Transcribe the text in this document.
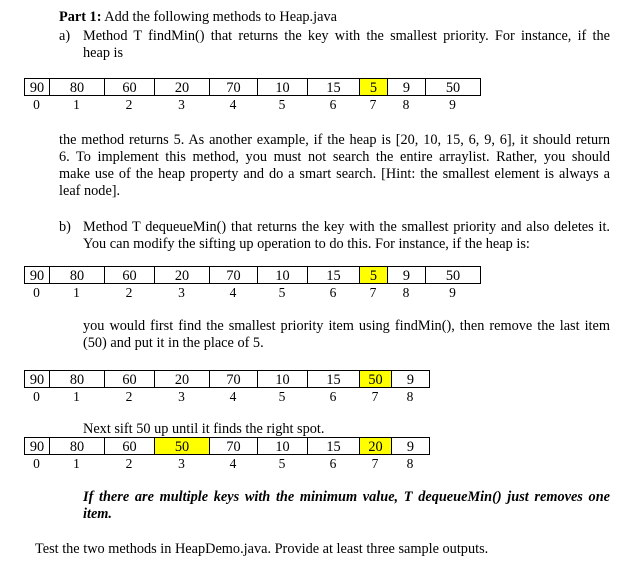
Part 1: Add the following methods to Heap.java
a) Method T findMin() that returns the key with the smallest priority. For instance, if the
heap is
90
0
80
1
60
2
20
3
70
4
10
5
15
6
5
7
9
8
50
9
the method returns 5. As another example, if the heap is [20, 10, 15, 6, 9, 6], it should return
6. To implement this method, you must not search the entire arraylist. Rather, you should
make use of the heap property and do a smart search. [Hint: the smallest element is always a
leaf node].
b) Method T dequeueMin() that returns the key with the smallest priority and also deletes it.
You can modify the sifting up operation to do this. For instance, if the heap is:
90
0
80
1
60
2
20
3
70
4
10
5
15
6
5
7
9
8
50
9
you would first find the smallest priority item using findMin(), then remove the last item
(50) and put it in the place of 5.
90
0
80
1
60
2
20
3
70
4
10
5
15
6
50
7
9
8
Next sift 50 up until it finds the right spot.
90
0
80
1
60
2
50
3
70
4
10
5
15
6
20
7
9
8
If there are multiple keys with the minimum value, T dequeueMin() just removes one
item.
Test the two methods in HeapDemo.java. Provide at least three sample outputs.
